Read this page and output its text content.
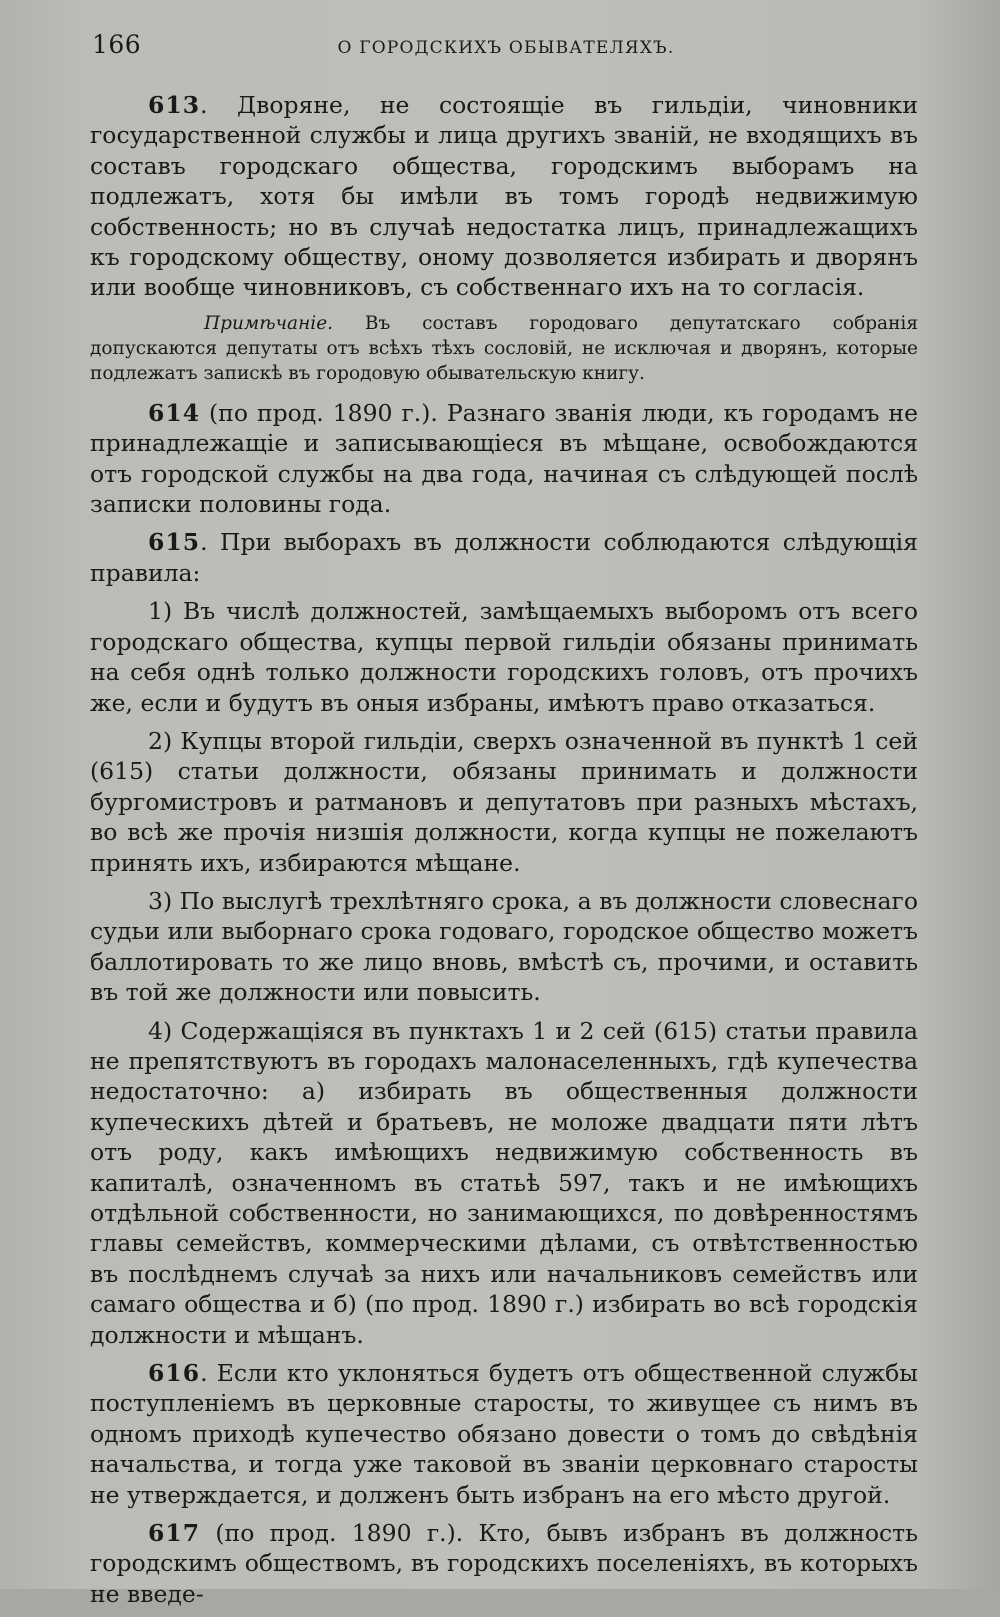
166	О ГОРОДСКИХЪ ОБЫВАТЕЛЯХЪ.

613. Дворяне, не состоящіе въ гильдіи, чиновники государственной службы и лица другихъ званій, не входящихъ въ составъ городскаго общества, городскимъ выборамъ на подлежатъ, хотя бы имѣли въ томъ городѣ недвижимую собственность; но въ случаѣ недостатка лицъ, принадлежащихъ къ городскому обществу, оному дозволяется избирать и дворянъ или вообще чиновниковъ, съ собственнаго ихъ на то согласія.

Примѣчаніе. Въ составъ городоваго депутатскаго собранія допускаются депутаты отъ всѣхъ тѣхъ сословій, не исключая и дворянъ, которые подлежатъ запискѣ въ городовую обывательскую книгу.

614 (по прод. 1890 г.). Разнаго званія люди, къ городамъ не принадлежащіе и записывающіеся въ мѣщане, освобождаются отъ городской службы на два года, начиная съ слѣдующей послѣ записки половины года.

615. При выборахъ въ должности соблюдаются слѣдующія правила:

1) Въ числѣ должностей, замѣщаемыхъ выборомъ отъ всего городскаго общества, купцы первой гильдіи обязаны принимать на себя однѣ только должности городскихъ головъ, отъ прочихъ же, если и будутъ въ оныя избраны, имѣютъ право отказаться.

2) Купцы второй гильдіи, сверхъ означенной въ пунктѣ 1 сей (615) статьи должности, обязаны принимать и должности бургомистровъ и ратмановъ и депутатовъ при разныхъ мѣстахъ, во всѣ же прочія низшія должности, когда купцы не пожелаютъ принять ихъ, избираются мѣщане.

3) По выслугѣ трехлѣтняго срока, а въ должности словеснаго судьи или выборнаго срока годоваго, городское общество можетъ баллотировать то же лицо вновь, вмѣстѣ съ, прочими, и оставить въ той же должности или повысить.

4) Содержащіяся въ пунктахъ 1 и 2 сей (615) статьи правила не препятствуютъ въ городахъ малонаселенныхъ, гдѣ купечества недостаточно: а) избирать въ общественныя должности купеческихъ дѣтей и братьевъ, не моложе двадцати пяти лѣтъ отъ роду, какъ имѣющихъ недвижимую собственность въ капиталѣ, означенномъ въ статьѣ 597, такъ и не имѣющихъ отдѣльной собственности, но занимающихся, по довѣренностямъ главы семействъ, коммерческими дѣлами, съ отвѣтственностью въ послѣднемъ случаѣ за нихъ или начальниковъ семействъ или самаго общества и б) (по прод. 1890 г.) избирать во всѣ городскія должности и мѣщанъ.

616. Если кто уклоняться будетъ отъ общественной службы поступленіемъ въ церковные старосты, то живущее съ нимъ въ одномъ приходѣ купечество обязано довести о томъ до свѣдѣнія начальства, и тогда уже таковой въ званіи церковнаго старосты не утверждается, и долженъ быть избранъ на его мѣсто другой.

617 (по прод. 1890 г.). Кто, бывъ избранъ въ должность городскимъ обществомъ, въ городскихъ поселеніяхъ, въ которыхъ не введе-
